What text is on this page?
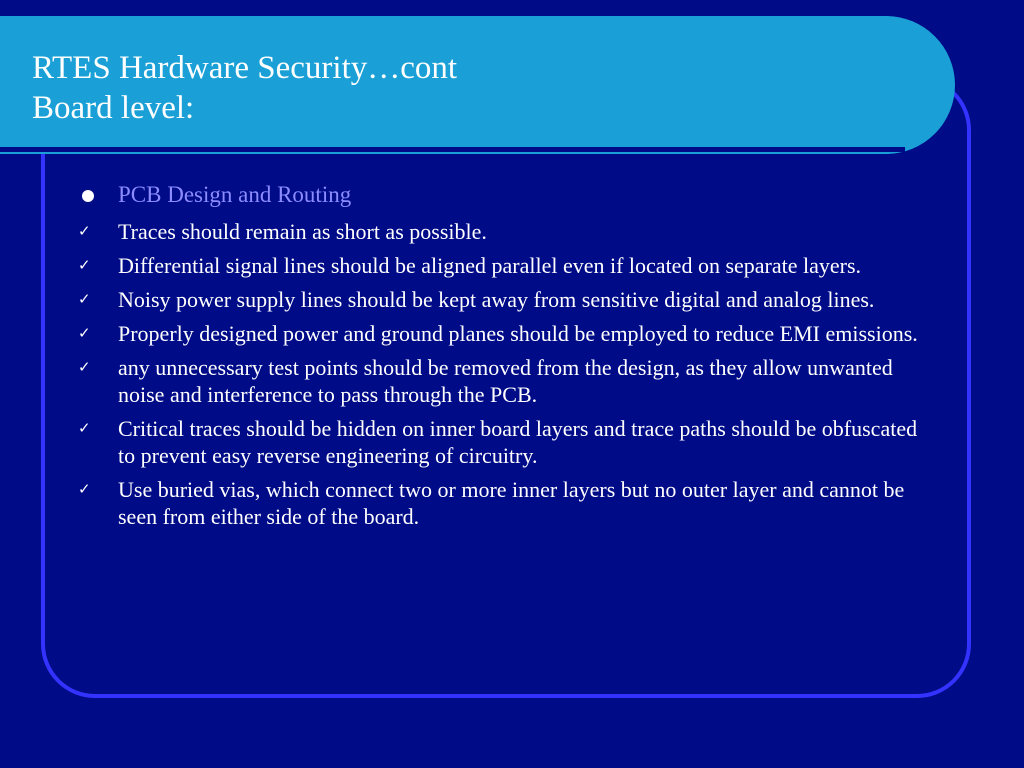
RTES Hardware Security…cont
Board level:
PCB Design and Routing
✓ Traces should remain as short as possible.
✓ Differential signal lines should be aligned parallel even if located on separate layers.
✓ Noisy power supply lines should be kept away from sensitive digital and analog lines.
✓ Properly designed power and ground planes should be employed to reduce EMI emissions.
✓ any unnecessary test points should be removed from the design, as they allow unwanted noise and interference to pass through the PCB.
✓ Critical traces should be hidden on inner board layers and trace paths should be obfuscated to prevent easy reverse engineering of circuitry.
✓ Use buried vias, which connect two or more inner layers but no outer layer and cannot be seen from either side of the board.
